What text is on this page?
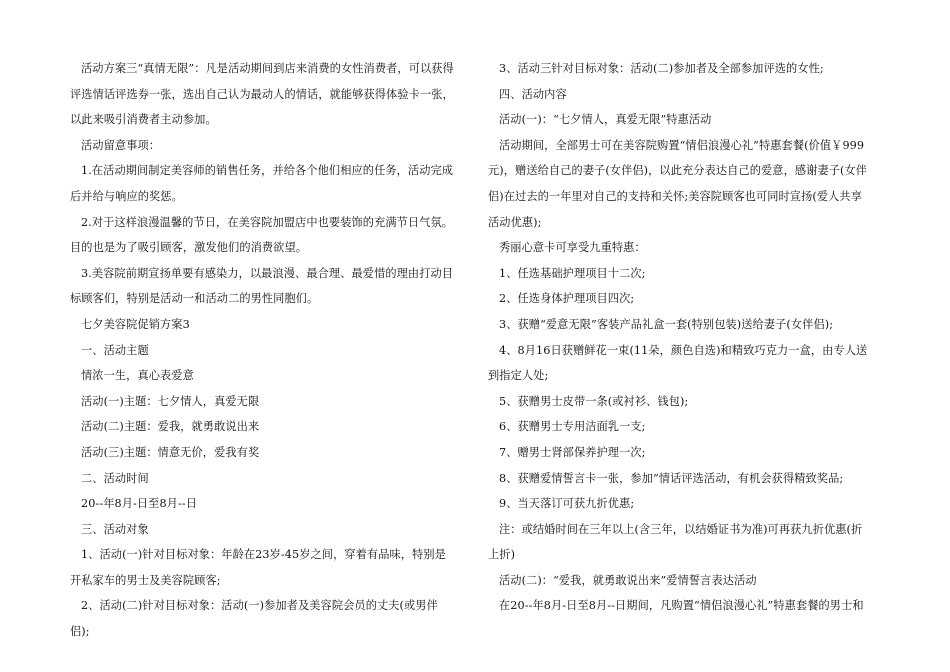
活动方案三“真情无限”：凡是活动期间到店来消费的女性消费者，可以获得评选情话评选券一张，选出自己认为最动人的情话，就能够获得体验卡一张，以此来吸引消费者主动参加。

活动留意事项：

1.在活动期间制定美容师的销售任务，并给各个他们相应的任务，活动完成后并给与响应的奖惩。

2.对于这样浪漫温馨的节日，在美容院加盟店中也要装饰的充满节日气氛。目的也是为了吸引顾客，激发他们的消费欲望。

3.美容院前期宣扬单要有感染力，以最浪漫、最合理、最爱惜的理由打动目标顾客们，特别是活动一和活动二的男性同胞们。

七夕美容院促销方案3

一、活动主题

情浓一生，真心表爱意

活动(一)主题：七夕情人，真爱无限

活动(二)主题：爱我，就勇敢说出来

活动(三)主题：情意无价，爱我有奖

二、活动时间

20--年8月-日至8月--日

三、活动对象

1、活动(一)针对目标对象：年龄在23岁-45岁之间，穿着有品味，特别是开私家车的男士及美容院顾客;

2、活动(二)针对目标对象：活动(一)参加者及美容院会员的丈夫(或男伴侣);

3、活动三针对目标对象：活动(二)参加者及全部参加评选的女性;

四、活动内容

活动(一)：“七夕情人，真爱无限”特惠活动

活动期间，全部男士可在美容院购置“情侣浪漫心礼”特惠套餐(价值￥999元)，赠送给自己的妻子(女伴侣)，以此充分表达自己的爱意，感谢妻子(女伴侣)在过去的一年里对自己的支持和关怀;美容院顾客也可同时宣扬(爱人共享活动优惠);

秀丽心意卡可享受九重特惠：

1、任选基础护理项目十二次;

2、任选身体护理项目四次;

3、获赠“爱意无限”客装产品礼盒一套(特别包装)送给妻子(女伴侣);

4、8月16日获赠鲜花一束(11朵，颜色自选)和精致巧克力一盒，由专人送到指定人处;

5、获赠男士皮带一条(或衬衫、钱包);

6、获赠男士专用洁面乳一支;

7、赠男士肾部保养护理一次;

8、获赠爱情誓言卡一张，参加“情话评选活动，有机会获得精致奖品;

9、当天落订可获九折优惠;

注：或结婚时间在三年以上(含三年，以结婚证书为准)可再获九折优惠(折上折)

活动(二)：“爱我，就勇敢说出来”爱情誓言表达活动

在20--年8月-日至8月--日期间，凡购置“情侣浪漫心礼”特惠套餐的男士和
